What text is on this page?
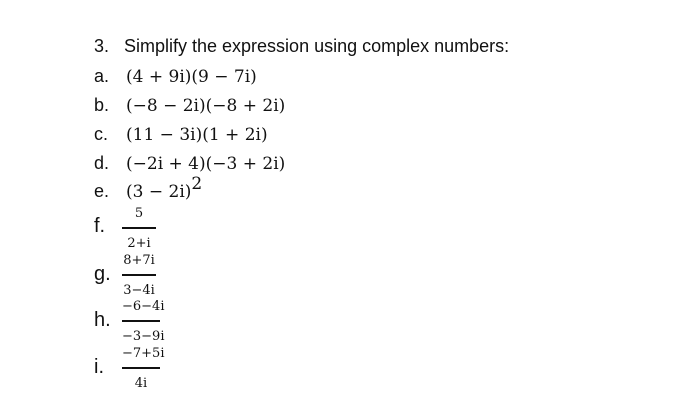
3. Simplify the expression using complex numbers:
a. (4 + 9i)(9 − 7i)
b. (−8 − 2i)(−8 + 2i)
c. (11 − 3i)(1 + 2i)
d. (−2i + 4)(−3 + 2i)
e. $(3 - 2i)^2$
f.
5
2+i
g.
8+7i
3−4i
h.
−6−4i
−3−9i
i.
−7+5i
4i
